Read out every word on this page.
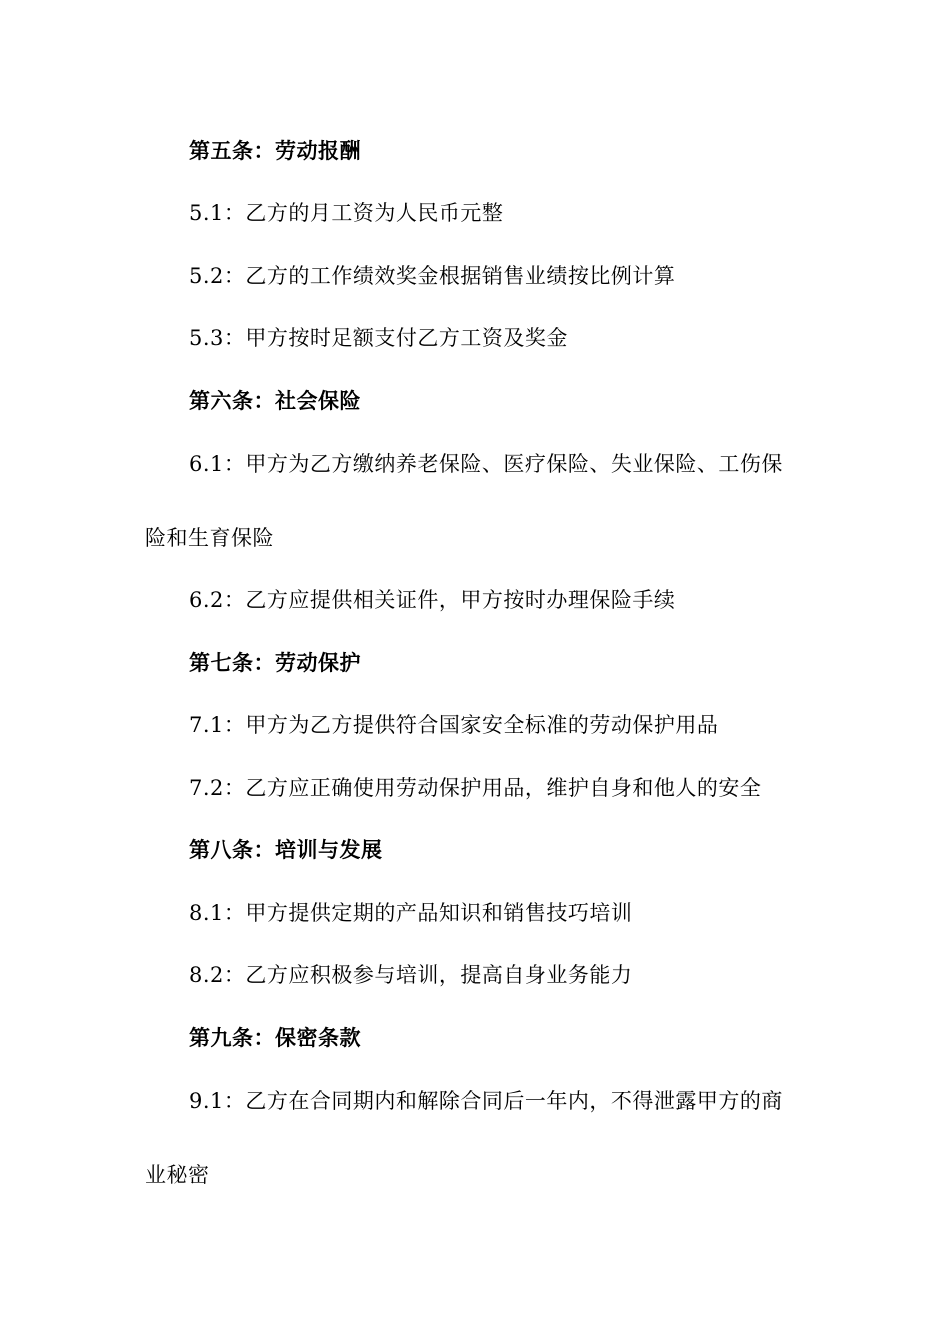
第五条：劳动报酬
5.1：乙方的月工资为人民币元整
5.2：乙方的工作绩效奖金根据销售业绩按比例计算
5.3：甲方按时足额支付乙方工资及奖金
第六条：社会保险
6.1：甲方为乙方缴纳养老保险、医疗保险、失业保险、工伤保
险和生育保险
6.2：乙方应提供相关证件，甲方按时办理保险手续
第七条：劳动保护
7.1：甲方为乙方提供符合国家安全标准的劳动保护用品
7.2：乙方应正确使用劳动保护用品，维护自身和他人的安全
第八条：培训与发展
8.1：甲方提供定期的产品知识和销售技巧培训
8.2：乙方应积极参与培训，提高自身业务能力
第九条：保密条款
9.1：乙方在合同期内和解除合同后一年内，不得泄露甲方的商
业秘密
